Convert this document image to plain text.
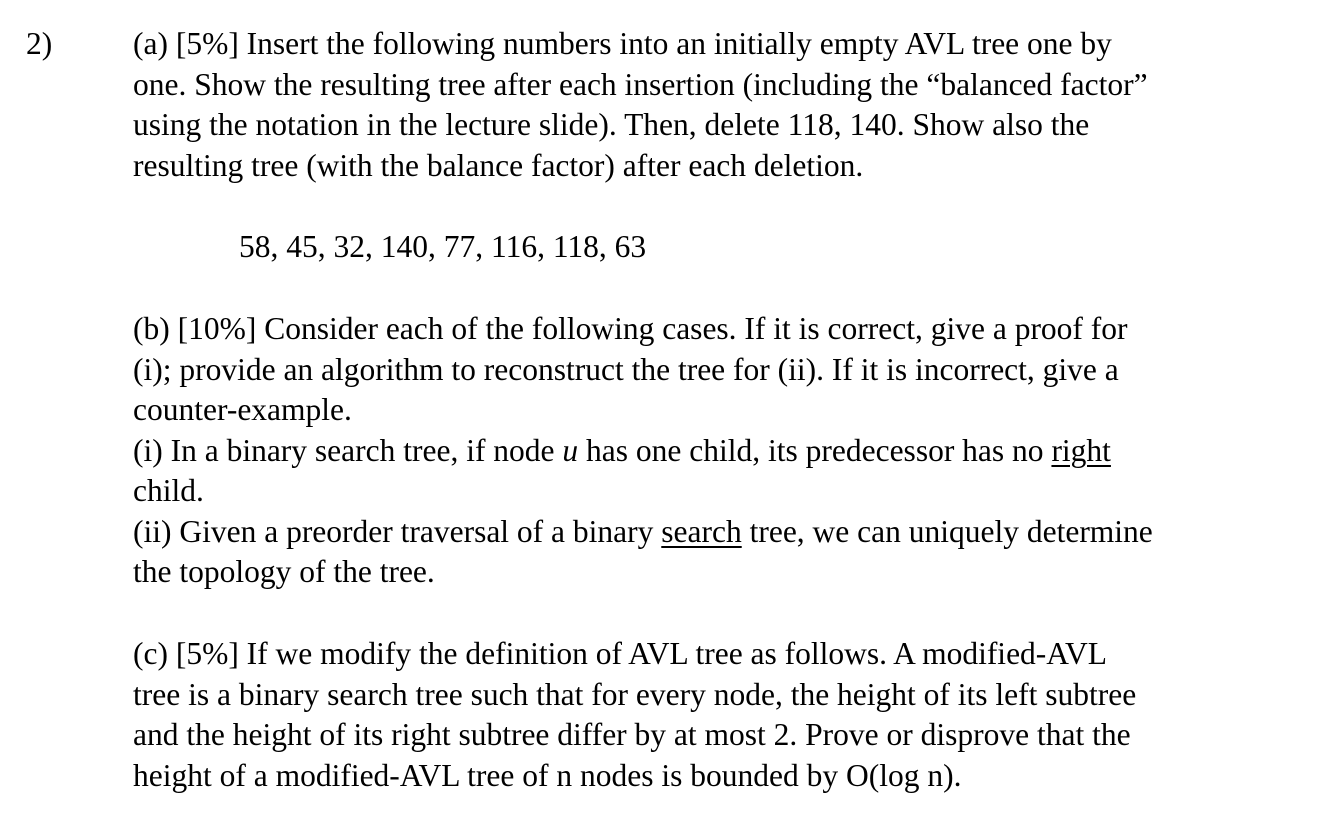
2)	(a) [5%] Insert the following numbers into an initially empty AVL tree one by
one. Show the resulting tree after each insertion (including the “balanced factor”
using the notation in the lecture slide). Then, delete 118, 140. Show also the
resulting tree (with the balance factor) after each deletion.
58, 45, 32, 140, 77, 116, 118, 63
(b) [10%] Consider each of the following cases. If it is correct, give a proof for
(i); provide an algorithm to reconstruct the tree for (ii). If it is incorrect, give a
counter-example.
(i) In a binary search tree, if node u has one child, its predecessor has no right
child.
(ii) Given a preorder traversal of a binary search tree, we can uniquely determine
the topology of the tree.
(c) [5%] If we modify the definition of AVL tree as follows. A modified-AVL
tree is a binary search tree such that for every node, the height of its left subtree
and the height of its right subtree differ by at most 2. Prove or disprove that the
height of a modified-AVL tree of n nodes is bounded by O(log n).
